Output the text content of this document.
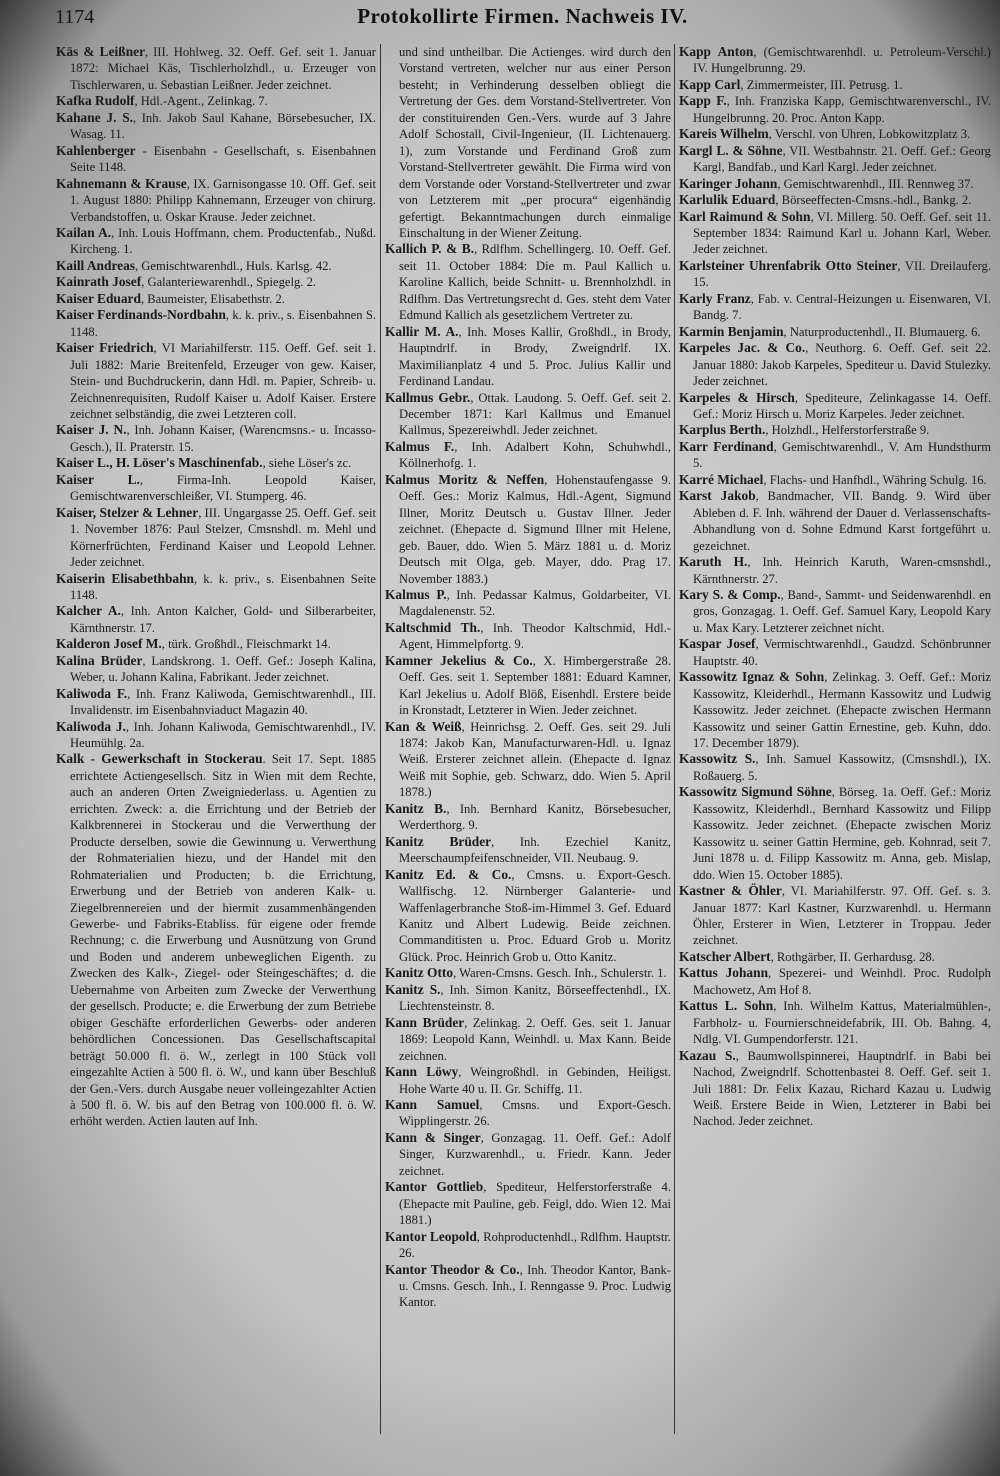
1174	Protokollirte Firmen. Nachweis IV.

Käs & Leißner, III. Hohlweg. 32. Oeff. Gef. seit 1. Januar 1872: Michael Käs, Tischlerholzhdl., u. Erzeuger von Tischlerwaren, u. Sebastian Leißner. Jeder zeichnet.

Kafka Rudolf, Hdl.-Agent., Zelinkag. 7.

Kahane J. S., Inh. Jakob Saul Kahane, Börsebesucher, IX. Wasag. 11.

Kahlenberger - Eisenbahn - Gesellschaft, s. Eisenbahnen Seite 1148.

Kahnemann & Krause, IX. Garnisongasse 10. Off. Gef. seit 1. August 1880: Philipp Kahnemann, Erzeuger von chirurg. Verbandstoffen, u. Oskar Krause. Jeder zeichnet.

Kailan A., Inh. Louis Hoffmann, chem. Productenfab., Nußd. Kircheng. 1.

Kaill Andreas, Gemischtwarenhdl., Huls. Karlsg. 42.

Kainrath Josef, Galanteriewarenhdl., Spiegelg. 2.

Kaiser Eduard, Baumeister, Elisabethstr. 2.

Kaiser Ferdinands-Nordbahn, k. k. priv., s. Eisenbahnen S. 1148.

Kaiser Friedrich, VI Mariahilferstr. 115. Oeff. Gef. seit 1. Juli 1882: Marie Breitenfeld, Erzeuger von gew. Kaiser, Stein- und Buchdruckerin, dann Hdl. m. Papier, Schreib- u. Zeichnenrequisiten, Rudolf Kaiser u. Adolf Kaiser. Erstere zeichnet selbständig, die zwei Letzteren coll.

Kaiser J. N., Inh. Johann Kaiser, (Warencmsns.- u. Incasso-Gesch.), II. Praterstr. 15.

Kaiser L., H. Löser's Maschinenfab., siehe Löser's zc.

Kaiser L., Firma-Inh. Leopold Kaiser, Gemischtwarenverschleißer, VI. Stumperg. 46.

Kaiser, Stelzer & Lehner, III. Ungargasse 25. Oeff. Gef. seit 1. November 1876: Paul Stelzer, Cmsnshdl. m. Mehl und Körnerfrüchten, Ferdinand Kaiser und Leopold Lehner. Jeder zeichnet.

Kaiserin Elisabethbahn, k. k. priv., s. Eisenbahnen Seite 1148.

Kalcher A., Inh. Anton Kalcher, Gold- und Silberarbeiter, Kärnthnerstr. 17.

Kalderon Josef M., türk. Großhdl., Fleischmarkt 14.

Kalina Brüder, Landskrong. 1. Oeff. Gef.: Joseph Kalina, Weber, u. Johann Kalina, Fabrikant. Jeder zeichnet.

Kaliwoda F., Inh. Franz Kaliwoda, Gemischtwarenhdl., III. Invalidenstr. im Eisenbahnviaduct Magazin 40.

Kaliwoda J., Inh. Johann Kaliwoda, Gemischtwarenhdl., IV. Heumühlg. 2a.

Kalk - Gewerkschaft in Stockerau. Seit 17. Sept. 1885 errichtete Actiengesellsch. Sitz in Wien mit dem Rechte, auch an anderen Orten Zweigniederlass. u. Agentien zu errichten. Zweck: a. die Errichtung und der Betrieb der Kalkbrennerei in Stockerau und die Verwerthung der Producte derselben, sowie die Gewinnung u. Verwerthung der Rohmaterialien hiezu, und der Handel mit den Rohmaterialien und Producten; b. die Errichtung, Erwerbung und der Betrieb von anderen Kalk- u. Ziegelbrennereien und der hiermit zusammenhängenden Gewerbe- und Fabriks-Etabliss. für eigene oder fremde Rechnung; c. die Erwerbung und Ausnützung von Grund und Boden und anderem unbeweglichen Eigenth. zu Zwecken des Kalk-, Ziegel- oder Steingeschäftes; d. die Uebernahme von Arbeiten zum Zwecke der Verwerthung der gesellsch. Producte; e. die Erwerbung der zum Betriebe obiger Geschäfte erforderlichen Gewerbs- oder anderen behördlichen Concessionen. Das Gesellschaftscapital beträgt 50.000 fl. ö. W., zerlegt in 100 Stück voll eingezahlte Actien à 500 fl. ö. W., und kann über Beschluß der Gen.-Vers. durch Ausgabe neuer volleingezahlter Actien à 500 fl. ö. W. bis auf den Betrag von 100.000 fl. ö. W. erhöht werden. Actien lauten auf Inh.

und sind untheilbar. Die Actienges. wird durch den Vorstand vertreten, welcher nur aus einer Person besteht; in Verhinderung desselben obliegt die Vertretung der Ges. dem Vorstand-Stellvertreter. Von der constituirenden Gen.-Vers. wurde auf 3 Jahre Adolf Schostall, Civil-Ingenieur, (II. Lichtenauerg. 1), zum Vorstande und Ferdinand Groß zum Vorstand-Stellvertreter gewählt. Die Firma wird von dem Vorstande oder Vorstand-Stellvertreter und zwar von Letzterem mit „per procura“ eigenhändig gefertigt. Bekanntmachungen durch einmalige Einschaltung in der Wiener Zeitung.

Kallich P. & B., Rdlfhm. Schellingerg. 10. Oeff. Gef. seit 11. October 1884: Die m. Paul Kallich u. Karoline Kallich, beide Schnitt- u. Brennholzhdl. in Rdlfhm. Das Vertretungsrecht d. Ges. steht dem Vater Edmund Kallich als gesetzlichem Vertreter zu.

Kallir M. A., Inh. Moses Kallir, Großhdl., in Brody, Hauptndrlf. in Brody, Zweigndrlf. IX. Maximilianplatz 4 und 5. Proc. Julius Kallir und Ferdinand Landau.

Kallmus Gebr., Ottak. Laudong. 5. Oeff. Gef. seit 2. December 1871: Karl Kallmus und Emanuel Kallmus, Spezereiwhdl. Jeder zeichnet.

Kalmus F., Inh. Adalbert Kohn, Schuhwhdl., Köllnerhofg. 1.

Kalmus Moritz & Neffen, Hohenstaufengasse 9. Oeff. Ges.: Moriz Kalmus, Hdl.-Agent, Sigmund Illner, Moritz Deutsch u. Gustav Illner. Jeder zeichnet. (Ehepacte d. Sigmund Illner mit Helene, geb. Bauer, ddo. Wien 5. März 1881 u. d. Moriz Deutsch mit Olga, geb. Mayer, ddo. Prag 17. November 1883.)

Kalmus P., Inh. Pedassar Kalmus, Goldarbeiter, VI. Magdalenenstr. 52.

Kaltschmid Th., Inh. Theodor Kaltschmid, Hdl.-Agent, Himmelpfortg. 9.

Kamner Jekelius & Co., X. Himbergerstraße 28. Oeff. Ges. seit 1. September 1881: Eduard Kamner, Karl Jekelius u. Adolf Blöß, Eisenhdl. Erstere beide in Kronstadt, Letzterer in Wien. Jeder zeichnet.

Kan & Weiß, Heinrichsg. 2. Oeff. Ges. seit 29. Juli 1874: Jakob Kan, Manufacturwaren-Hdl. u. Ignaz Weiß. Ersterer zeichnet allein. (Ehepacte d. Ignaz Weiß mit Sophie, geb. Schwarz, ddo. Wien 5. April 1878.)

Kanitz B., Inh. Bernhard Kanitz, Börsebesucher, Werderthorg. 9.

Kanitz Brüder, Inh. Ezechiel Kanitz, Meerschaumpfeifenschneider, VII. Neubaug. 9.

Kanitz Ed. & Co., Cmsns. u. Export-Gesch. Wallfischg. 12. Nürnberger Galanterie- und Waffenlagerbranche Stoß-im-Himmel 3. Gef. Eduard Kanitz und Albert Ludewig. Beide zeichnen. Commanditisten u. Proc. Eduard Grob u. Moritz Glück. Proc. Heinrich Grob u. Otto Kanitz.

Kanitz Otto, Waren-Cmsns. Gesch. Inh., Schulerstr. 1.

Kanitz S., Inh. Simon Kanitz, Börseeffectenhdl., IX. Liechtensteinstr. 8.

Kann Brüder, Zelinkag. 2. Oeff. Ges. seit 1. Januar 1869: Leopold Kann, Weinhdl. u. Max Kann. Beide zeichnen.

Kann Löwy, Weingroßhdl. in Gebinden, Heiligst. Hohe Warte 40 u. II. Gr. Schiffg. 11.

Kann Samuel, Cmsns. und Export-Gesch. Wipplingerstr. 26.

Kann & Singer, Gonzagag. 11. Oeff. Gef.: Adolf Singer, Kurzwarenhdl., u. Friedr. Kann. Jeder zeichnet.

Kantor Gottlieb, Spediteur, Helferstorferstraße 4. (Ehepacte mit Pauline, geb. Feigl, ddo. Wien 12. Mai 1881.)

Kantor Leopold, Rohproductenhdl., Rdlfhm. Hauptstr. 26.

Kantor Theodor & Co., Inh. Theodor Kantor, Bank- u. Cmsns. Gesch. Inh., I. Renngasse 9. Proc. Ludwig Kantor.

Kapp Anton, (Gemischtwarenhdl. u. Petroleum-Verschl.) IV. Hungelbrunng. 29.

Kapp Carl, Zimmermeister, III. Petrusg. 1.

Kapp F., Inh. Franziska Kapp, Gemischtwarenverschl., IV. Hungelbrunng. 20. Proc. Anton Kapp.

Kareis Wilhelm, Verschl. von Uhren, Lobkowitzplatz 3.

Kargl L. & Söhne, VII. Westbahnstr. 21. Oeff. Gef.: Georg Kargl, Bandfab., und Karl Kargl. Jeder zeichnet.

Karinger Johann, Gemischtwarenhdl., III. Rennweg 37.

Karlulik Eduard, Börseeffecten-Cmsns.-hdl., Bankg. 2.

Karl Raimund & Sohn, VI. Millerg. 50. Oeff. Gef. seit 11. September 1834: Raimund Karl u. Johann Karl, Weber. Jeder zeichnet.

Karlsteiner Uhrenfabrik Otto Steiner, VII. Dreilauferg. 15.

Karly Franz, Fab. v. Central-Heizungen u. Eisenwaren, VI. Bandg. 7.

Karmin Benjamin, Naturproductenhdl., II. Blumauerg. 6.

Karpeles Jac. & Co., Neuthorg. 6. Oeff. Gef. seit 22. Januar 1880: Jakob Karpeles, Spediteur u. David Stulezky. Jeder zeichnet.

Karpeles & Hirsch, Spediteure, Zelinkagasse 14. Oeff. Gef.: Moriz Hirsch u. Moriz Karpeles. Jeder zeichnet.

Karplus Berth., Holzhdl., Helferstorferstraße 9.

Karr Ferdinand, Gemischtwarenhdl., V. Am Hundsthurm 5.

Karré Michael, Flachs- und Hanfhdl., Währing Schulg. 16.

Karst Jakob, Bandmacher, VII. Bandg. 9. Wird über Ableben d. F. Inh. während der Dauer d. Verlassenschafts-Abhandlung von d. Sohne Edmund Karst fortgeführt u. gezeichnet.

Karuth H., Inh. Heinrich Karuth, Waren-cmsnshdl., Kärnthnerstr. 27.

Kary S. & Comp., Band-, Sammt- und Seidenwarenhdl. en gros, Gonzagag. 1. Oeff. Gef. Samuel Kary, Leopold Kary u. Max Kary. Letzterer zeichnet nicht.

Kaspar Josef, Vermischtwarenhdl., Gaudzd. Schönbrunner Hauptstr. 40.

Kassowitz Ignaz & Sohn, Zelinkag. 3. Oeff. Gef.: Moriz Kassowitz, Kleiderhdl., Hermann Kassowitz und Ludwig Kassowitz. Jeder zeichnet. (Ehepacte zwischen Hermann Kassowitz und seiner Gattin Ernestine, geb. Kuhn, ddo. 17. December 1879).

Kassowitz S., Inh. Samuel Kassowitz, (Cmsnshdl.), IX. Roßauerg. 5.

Kassowitz Sigmund Söhne, Börseg. 1a. Oeff. Gef.: Moriz Kassowitz, Kleiderhdl., Bernhard Kassowitz und Filipp Kassowitz. Jeder zeichnet. (Ehepacte zwischen Moriz Kassowitz u. seiner Gattin Hermine, geb. Kohnrad, seit 7. Juni 1878 u. d. Filipp Kassowitz m. Anna, geb. Mislap, ddo. Wien 15. October 1885).

Kastner & Öhler, VI. Mariahilferstr. 97. Off. Gef. s. 3. Januar 1877: Karl Kastner, Kurzwarenhdl. u. Hermann Öhler, Ersterer in Wien, Letzterer in Troppau. Jeder zeichnet.

Katscher Albert, Rothgärber, II. Gerhardusg. 28.

Kattus Johann, Spezerei- und Weinhdl. Proc. Rudolph Machowetz, Am Hof 8.

Kattus L. Sohn, Inh. Wilhelm Kattus, Materialmühlen-, Farbholz- u. Fournierschneidefabrik, III. Ob. Bahng. 4, Ndlg. VI. Gumpendorferstr. 121.

Kazau S., Baumwollspinnerei, Hauptndrlf. in Babi bei Nachod, Zweigndrlf. Schottenbastei 8. Oeff. Gef. seit 1. Juli 1881: Dr. Felix Kazau, Richard Kazau u. Ludwig Weiß. Erstere Beide in Wien, Letzterer in Babi bei Nachod. Jeder zeichnet.
